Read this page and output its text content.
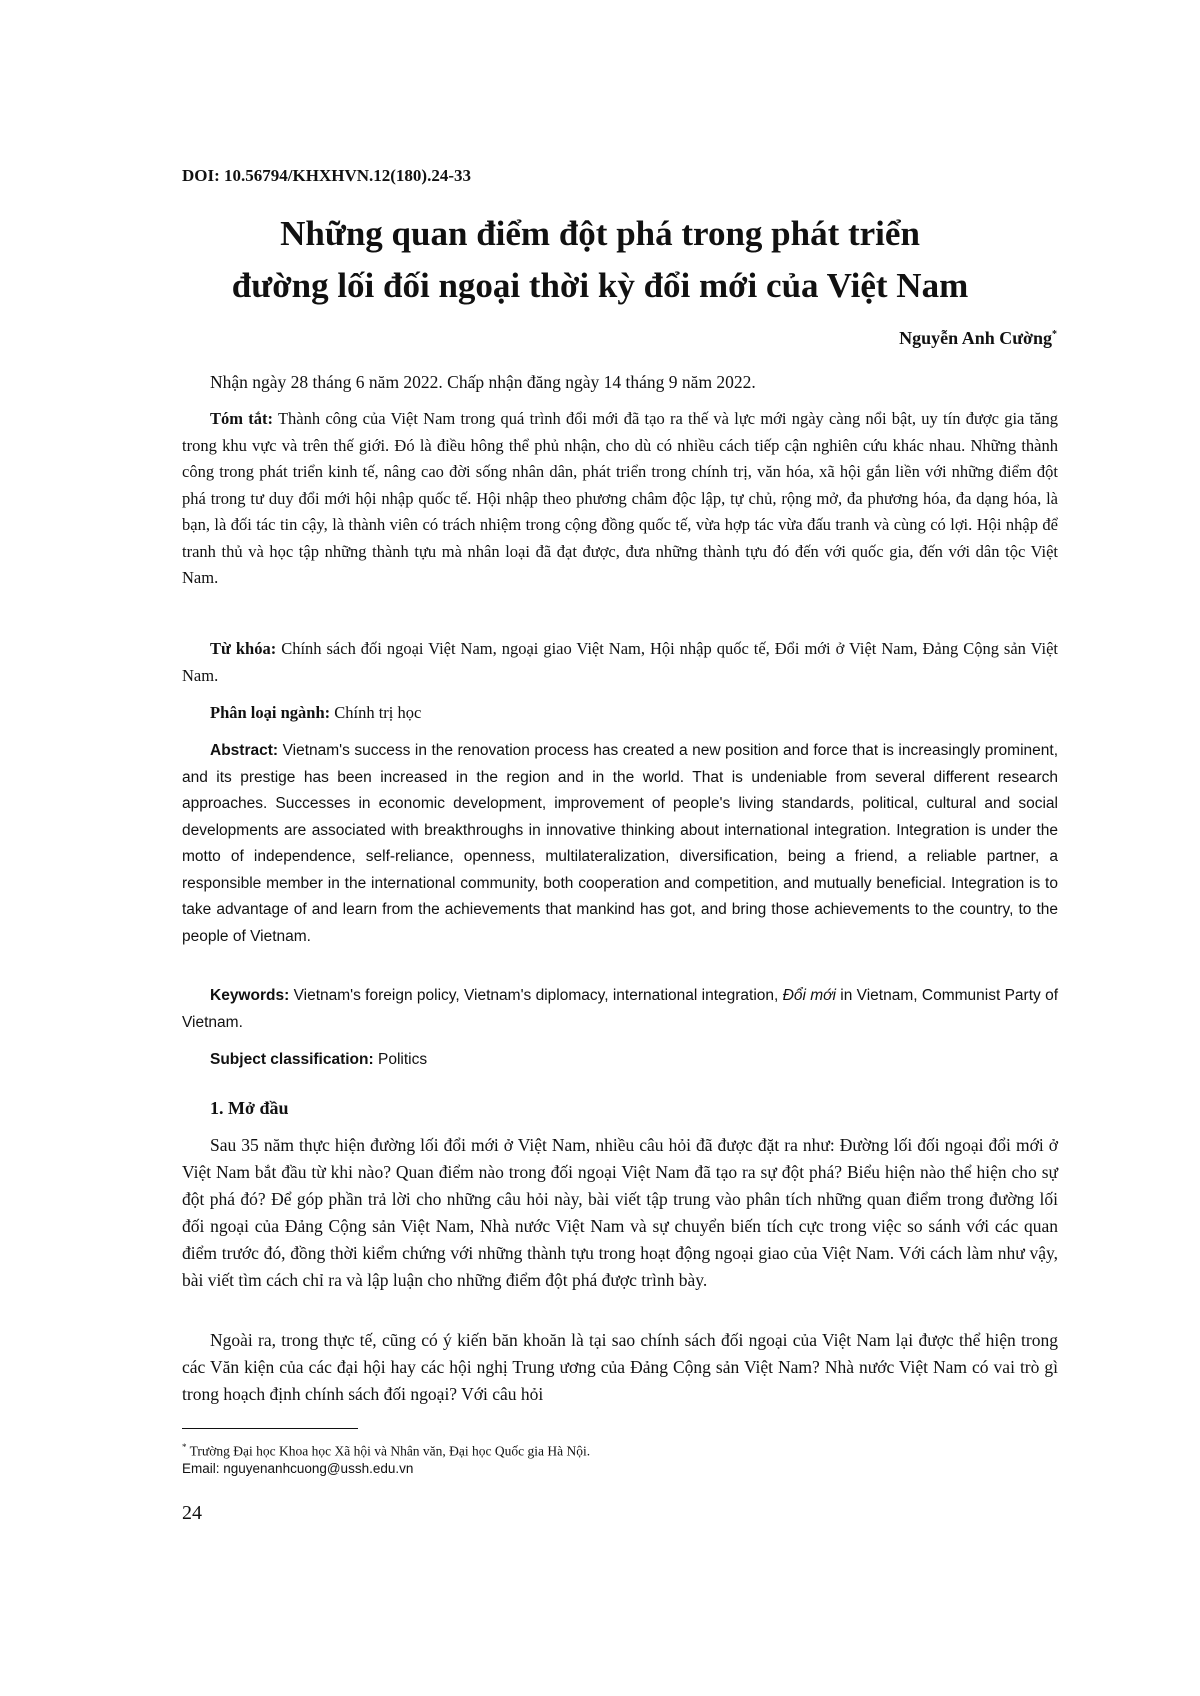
DOI: 10.56794/KHXHVN.12(180).24-33
Những quan điểm đột phá trong phát triển
đường lối đối ngoại thời kỳ đổi mới của Việt Nam
Nguyễn Anh Cường*
Nhận ngày 28 tháng 6 năm 2022. Chấp nhận đăng ngày 14 tháng 9 năm 2022.
Tóm tắt: Thành công của Việt Nam trong quá trình đổi mới đã tạo ra thế và lực mới ngày càng nổi bật, uy tín được gia tăng trong khu vực và trên thế giới. Đó là điều hông thể phủ nhận, cho dù có nhiều cách tiếp cận nghiên cứu khác nhau. Những thành công trong phát triển kinh tế, nâng cao đời sống nhân dân, phát triển trong chính trị, văn hóa, xã hội gắn liền với những điểm đột phá trong tư duy đổi mới hội nhập quốc tế. Hội nhập theo phương châm độc lập, tự chủ, rộng mở, đa phương hóa, đa dạng hóa, là bạn, là đối tác tin cậy, là thành viên có trách nhiệm trong cộng đồng quốc tế, vừa hợp tác vừa đấu tranh và cùng có lợi. Hội nhập để tranh thủ và học tập những thành tựu mà nhân loại đã đạt được, đưa những thành tựu đó đến với quốc gia, đến với dân tộc Việt Nam.
Từ khóa: Chính sách đối ngoại Việt Nam, ngoại giao Việt Nam, Hội nhập quốc tế, Đổi mới ở Việt Nam, Đảng Cộng sản Việt Nam.
Phân loại ngành: Chính trị học
Abstract: Vietnam's success in the renovation process has created a new position and force that is increasingly prominent, and its prestige has been increased in the region and in the world. That is undeniable from several different research approaches. Successes in economic development, improvement of people's living standards, political, cultural and social developments are associated with breakthroughs in innovative thinking about international integration. Integration is under the motto of independence, self-reliance, openness, multilateralization, diversification, being a friend, a reliable partner, a responsible member in the international community, both cooperation and competition, and mutually beneficial. Integration is to take advantage of and learn from the achievements that mankind has got, and bring those achievements to the country, to the people of Vietnam.
Keywords: Vietnam's foreign policy, Vietnam's diplomacy, international integration, Đổi mới in Vietnam, Communist Party of Vietnam.
Subject classification: Politics
1. Mở đầu
Sau 35 năm thực hiện đường lối đổi mới ở Việt Nam, nhiều câu hỏi đã được đặt ra như: Đường lối đối ngoại đổi mới ở Việt Nam bắt đầu từ khi nào? Quan điểm nào trong đối ngoại Việt Nam đã tạo ra sự đột phá? Biểu hiện nào thể hiện cho sự đột phá đó? Để góp phần trả lời cho những câu hỏi này, bài viết tập trung vào phân tích những quan điểm trong đường lối đối ngoại của Đảng Cộng sản Việt Nam, Nhà nước Việt Nam và sự chuyển biến tích cực trong việc so sánh với các quan điểm trước đó, đồng thời kiểm chứng với những thành tựu trong hoạt động ngoại giao của Việt Nam. Với cách làm như vậy, bài viết tìm cách chỉ ra và lập luận cho những điểm đột phá được trình bày.
Ngoài ra, trong thực tế, cũng có ý kiến băn khoăn là tại sao chính sách đối ngoại của Việt Nam lại được thể hiện trong các Văn kiện của các đại hội hay các hội nghị Trung ương của Đảng Cộng sản Việt Nam? Nhà nước Việt Nam có vai trò gì trong hoạch định chính sách đối ngoại? Với câu hỏi
* Trường Đại học Khoa học Xã hội và Nhân văn, Đại học Quốc gia Hà Nội.
Email: nguyenanhcuong@ussh.edu.vn
24
